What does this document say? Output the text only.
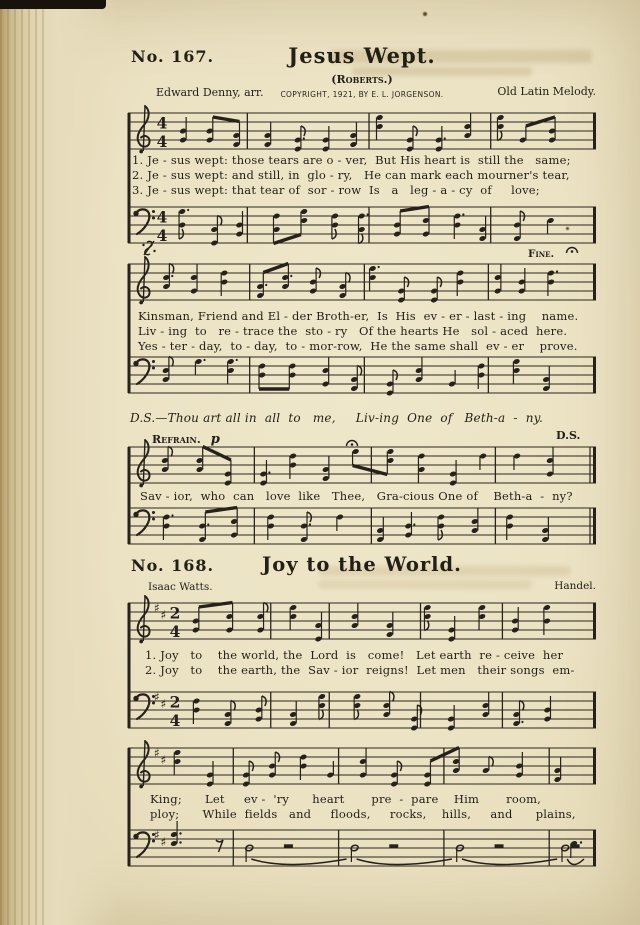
No. 167.	Jesus Wept.
(Roberts.)
Edward Denny, arr.	COPYRIGHT, 1921, BY E. L. JORGENSON.	Old Latin Melody.
1. Je - sus wept: those tears are o - ver,  But His heart is  still the   same;
2. Je - sus wept: and still, in  glo - ry,   He can mark each mourner's tear,
3. Je - sus wept: that tear of  sor - row  Is   a   leg - a - cy  of     love;
Fine.
Kinsman, Friend and El - der Broth-er,  Is  His  ev - er - last - ing    name.
Liv - ing  to   re - trace the  sto - ry   Of the hearts He   sol - aced  here.
Yes - ter - day,  to - day,  to - mor-row,  He the same shall  ev - er    prove.
D.S.—Thou art all in  all  to   me,     Liv-ing  One  of   Beth-a  -  ny.
Refrain. p	D.S.
Sav - ior,  who  can   love  like   Thee,   Gra-cious One of    Beth-a  -  ny?
No. 168.	Joy to the World.
Isaac Watts.	Handel.
1. Joy   to    the world, the  Lord  is   come!   Let earth  re - ceive  her
2. Joy   to    the earth, the  Sav - ior  reigns!  Let men   their songs  em-
King;      Let     ev -  'ry      heart       pre  -  pare    Him       room,
ploy;      While  fields   and     floods,     rocks,    hills,     and      plains,
4
4
4
4
♯ ♯ 2
4
♯ ♯ 2
4
♯ ♯
♯ ♯
